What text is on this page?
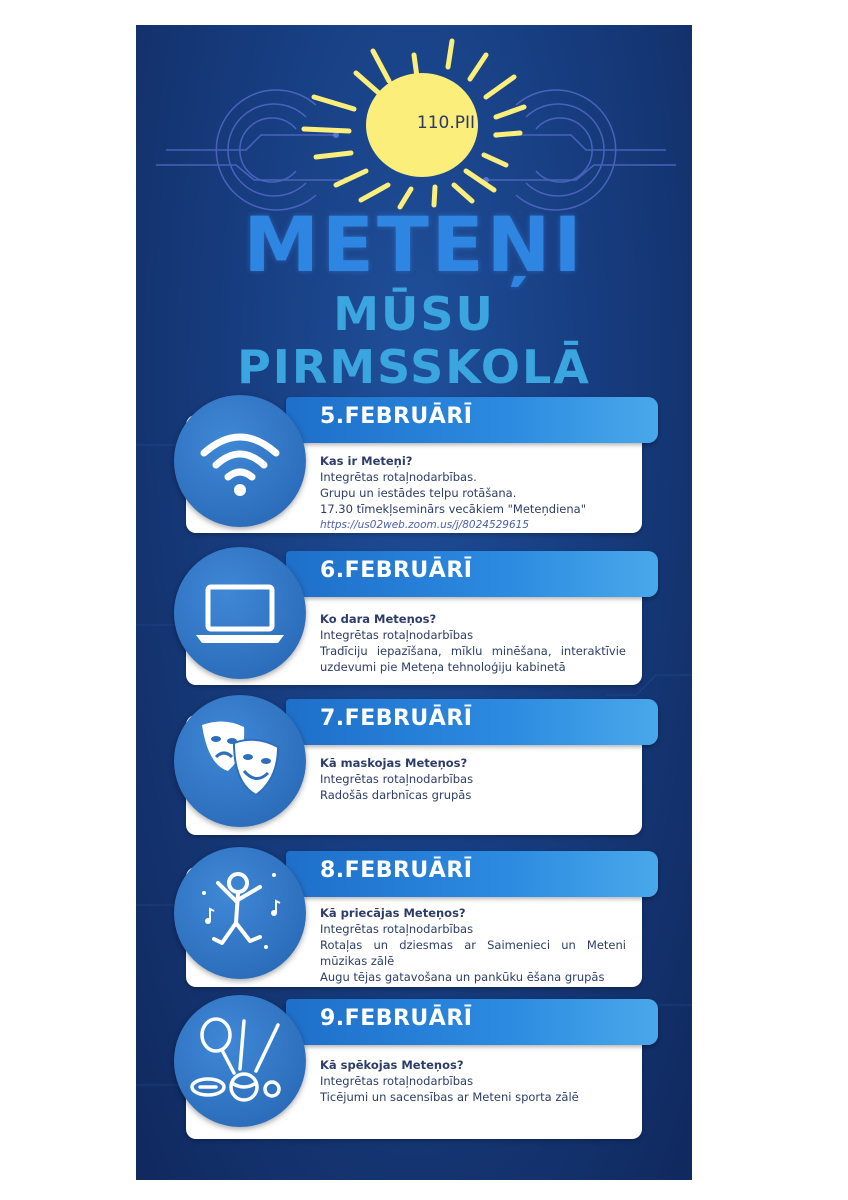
110.PII
METEŅI
MŪSU
PIRMSSKOLĀ
Kas ir Meteņi?
Integrētas rotaļnodarbības.
Grupu un iestādes telpu rotāšana.
17.30 tīmekļseminārs vecākiem "Meteņdiena"
https://us02web.zoom.us/j/8024529615
5.FEBRUĀRĪ
Ko dara Meteņos?
Integrētas rotaļnodarbības
Tradīciju iepazīšana, mīklu minēšana, interaktīvie uzdevumi pie Meteņa tehnoloģiju kabinetā
6.FEBRUĀRĪ
Kā maskojas Meteņos?
Integrētas rotaļnodarbības
Radošās darbnīcas grupās
7.FEBRUĀRĪ
Kā priecājas Meteņos?
Integrētas rotaļnodarbības
Rotaļas un dziesmas ar Saimenieci un Meteni mūzikas zālē
Augu tējas gatavošana un pankūku ēšana grupās
8.FEBRUĀRĪ
Kā spēkojas Meteņos?
Integrētas rotaļnodarbības
Ticējumi un sacensības ar Meteni sporta zālē
9.FEBRUĀRĪ
